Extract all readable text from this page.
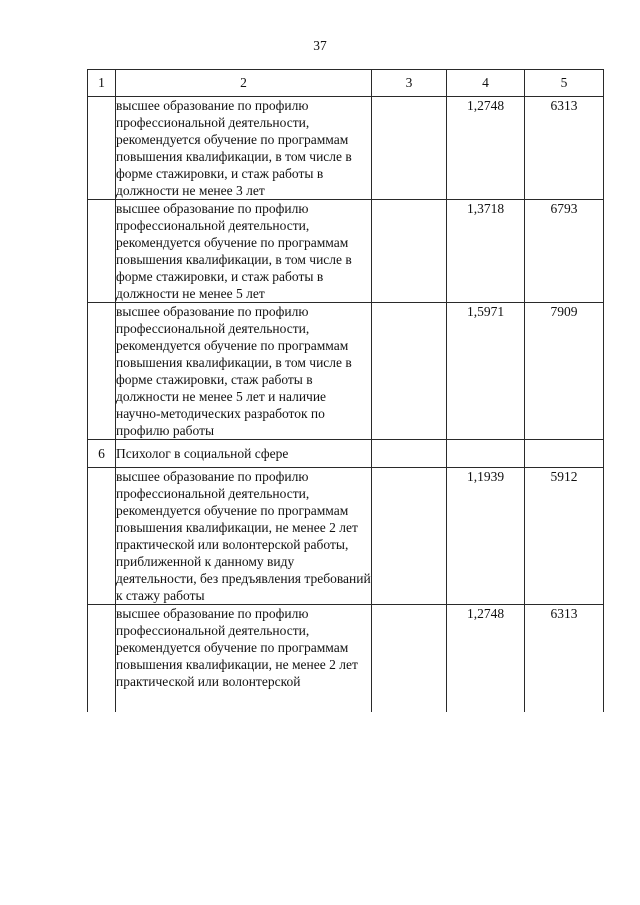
37
1	2	3	4	5
	высшее образование по профилю профессиональной деятельности, рекомендуется обучение по программам повышения квалификации, в том числе в форме стажировки, и стаж работы в должности не менее 3 лет		1,2748	6313
	высшее образование по профилю профессиональной деятельности, рекомендуется обучение по программам повышения квалификации, в том числе в форме стажировки, и стаж работы в должности не менее 5 лет		1,3718	6793
	высшее образование по профилю профессиональной деятельности, рекомендуется обучение по программам повышения квалификации, в том числе в форме стажировки, стаж работы в должности не менее 5 лет и наличие научно-методических разработок по профилю работы		1,5971	7909
6	Психолог в социальной сфере			
	высшее образование по профилю профессиональной деятельности, рекомендуется обучение по программам повышения квалификации, не менее 2 лет практической или волонтерской работы, приближенной к данному виду деятельности, без предъявления требований к стажу работы		1,1939	5912
	высшее образование по профилю профессиональной деятельности, рекомендуется обучение по программам повышения квалификации, не менее 2 лет практической или волонтерской		1,2748	6313
